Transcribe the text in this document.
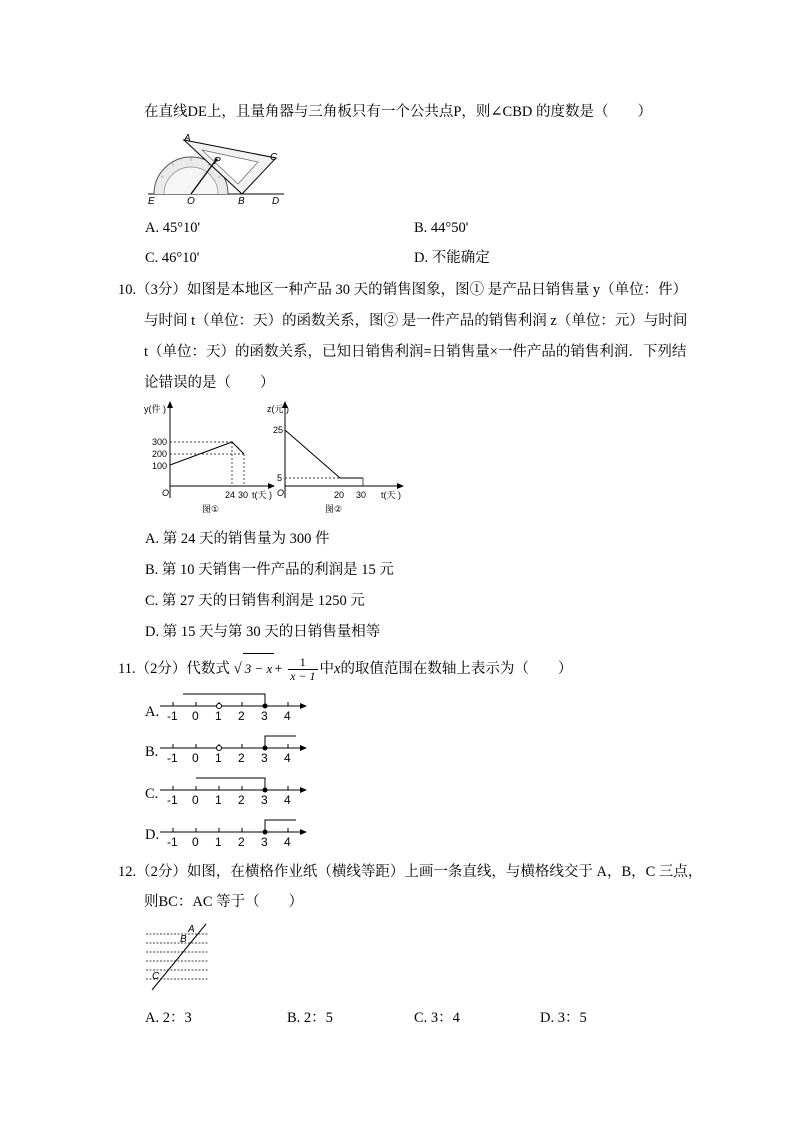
在直线DE上，且量角器与三角板只有一个公共点P，则∠CBD 的度数是（　　）
A
C
P
E	O	B	D
A. 45°10'	B. 44°50'
C. 46°10'	D. 不能确定
10.（3分）如图是本地区一种产品 30 天的销售图象，图① 是产品日销售量 y（单位：件）
与时间 t（单位：天）的函数关系，图② 是一件产品的销售利润 z（单位：元）与时间
t（单位：天）的函数关系，已知日销售利润=日销售量×一件产品的销售利润．下列结
论错误的是（　　）
y(件 )
300
200
100
O	24 30 t(天 )
图①
z(元 )
25
5
O	20 30 t(天 )
图②
A. 第 24 天的销售量为 300 件
B. 第 10 天销售一件产品的利润是 15 元
C. 第 27 天的日销售利润是 1250 元
D. 第 15 天与第 30 天的日销售量相等
11.（2分）代数式 √ $3 - x + \frac{1}{x - 1}$ 中x的取值范围在数轴上表示为（　　）
A. -1 0 1 2 3 4
B. -1 0 1 2 3 4
C. -1 0 1 2 3 4
D. -1 0 1 2 3 4
12.（2分）如图，在横格作业纸（横线等距）上画一条直线，与横格线交于 A，B，C 三点，
则BC：AC 等于（　　）
A
B
C
A. 2：3	B. 2：5	C. 3：4	D. 3：5
